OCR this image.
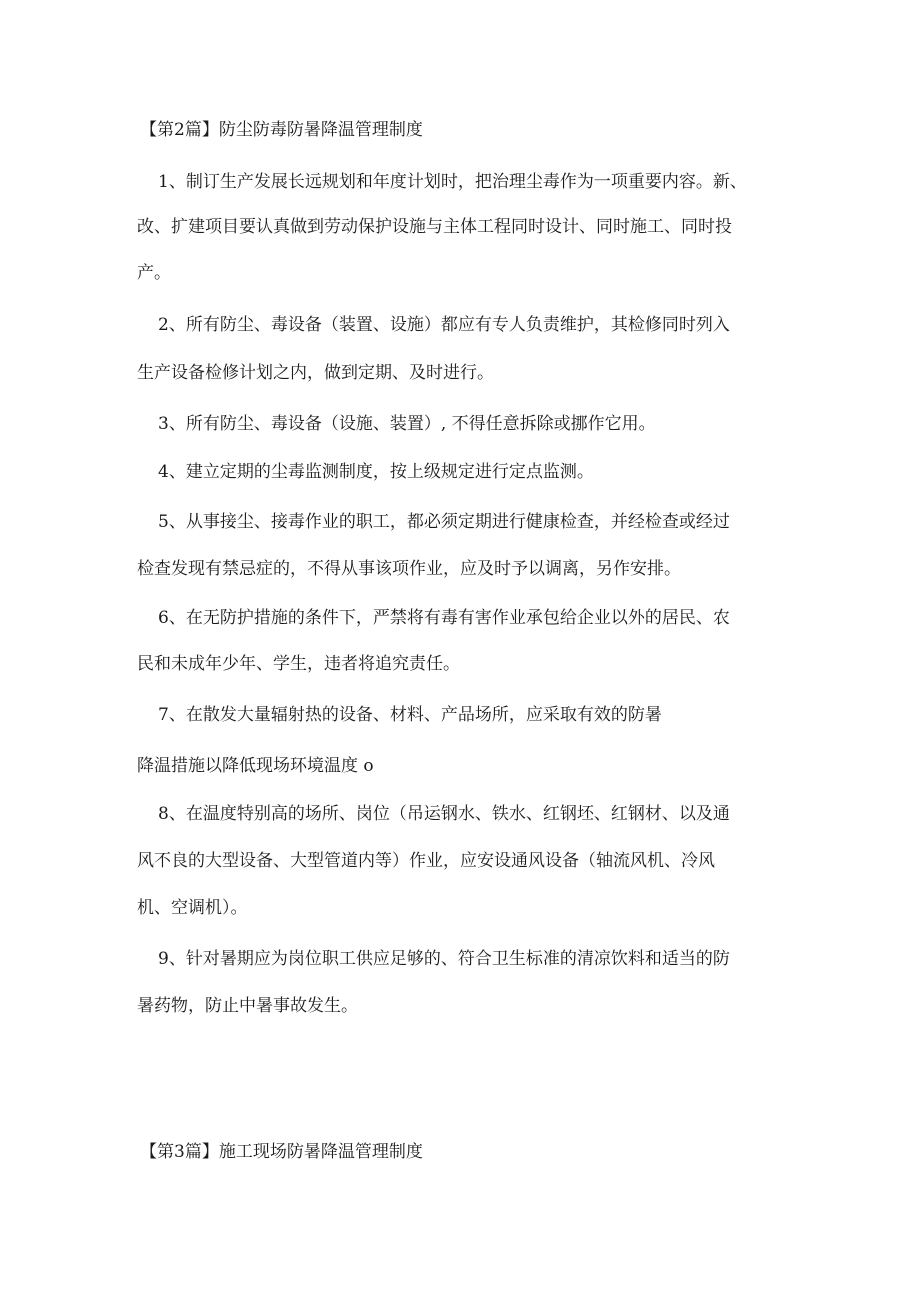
【第2篇】防尘防毒防暑降温管理制度
1、制订生产发展长远规划和年度计划时，把治理尘毒作为一项重要内容。新、
改、扩建项目要认真做到劳动保护设施与主体工程同时设计、同时施工、同时投
产。
2、所有防尘、毒设备（装置、设施）都应有专人负责维护，其检修同时列入
生产设备检修计划之内，做到定期、及时进行。
3、所有防尘、毒设备（设施、装置）, 不得任意拆除或挪作它用。
4、建立定期的尘毒监测制度，按上级规定进行定点监测。
5、从事接尘、接毒作业的职工，都必须定期进行健康检查，并经检查或经过
检查发现有禁忌症的，不得从事该项作业，应及时予以调离，另作安排。
6、在无防护措施的条件下，严禁将有毒有害作业承包给企业以外的居民、农
民和未成年少年、学生，违者将追究责任。
7、在散发大量辐射热的设备、材料、产品场所，应采取有效的防暑
降温措施以降低现场环境温度 o
8、在温度特别高的场所、岗位（吊运钢水、铁水、红钢坯、红钢材、以及通
风不良的大型设备、大型管道内等）作业，应安设通风设备（轴流风机、冷风
机、空调机）。
9、针对暑期应为岗位职工供应足够的、符合卫生标准的清凉饮料和适当的防
暑药物，防止中暑事故发生。
【第3篇】施工现场防暑降温管理制度
